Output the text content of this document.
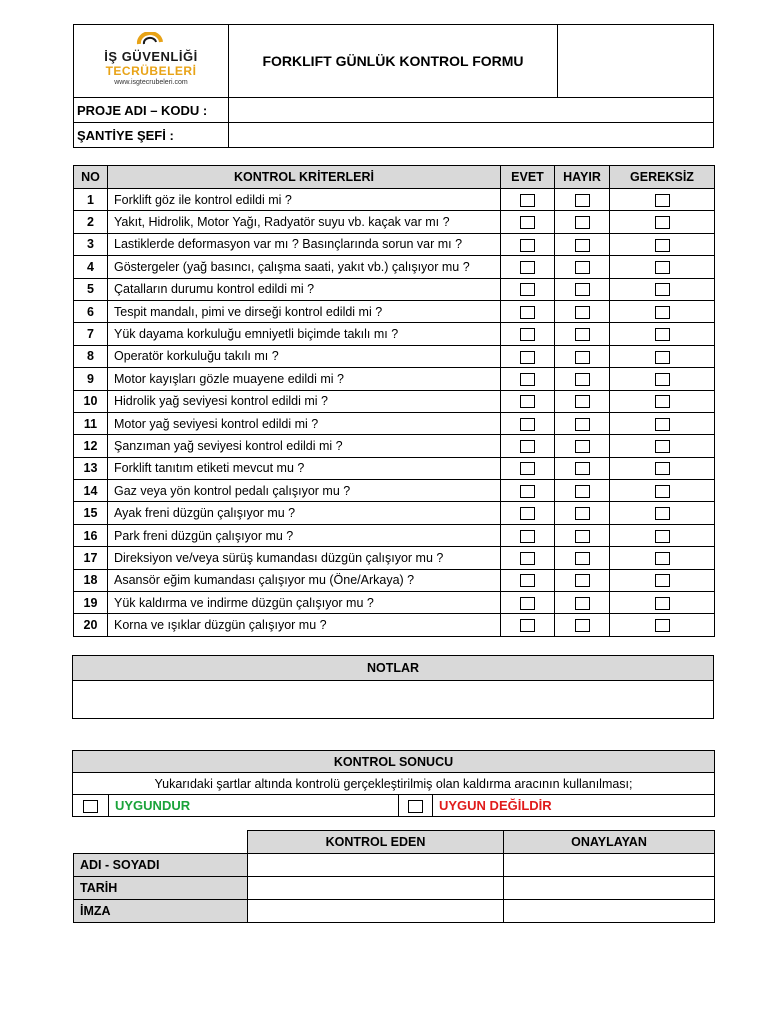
İŞ GÜVENLİĞİ
TECRÜBELERİ
www.isgtecrubeleri.com	FORKLIFT GÜNLÜK KONTROL FORMU	
PROJE ADI – KODU :		
ŞANTİYE ŞEFİ :		
NO	KONTROL KRİTERLERİ	EVET	HAYIR	GEREKSİZ
1	Forklift göz ile kontrol edildi mi ?			
2	Yakıt, Hidrolik, Motor Yağı, Radyatör suyu vb. kaçak var mı ?			
3	Lastiklerde deformasyon var mı ? Basınçlarında sorun var mı ?			
4	Göstergeler (yağ basıncı, çalışma saati, yakıt vb.) çalışıyor mu ?			
5	Çatalların durumu kontrol edildi mi ?			
6	Tespit mandalı, pimi ve dirseği kontrol edildi mi ?			
7	Yük dayama korkuluğu emniyetli biçimde takılı mı ?			
8	Operatör korkuluğu takılı mı ?			
9	Motor kayışları gözle muayene edildi mi ?			
10	Hidrolik yağ seviyesi kontrol edildi mi ?			
11	Motor yağ seviyesi kontrol edildi mi ?			
12	Şanzıman yağ seviyesi kontrol edildi mi ?			
13	Forklift tanıtım etiketi mevcut mu ?			
14	Gaz veya yön kontrol pedalı çalışıyor mu ?			
15	Ayak freni düzgün çalışıyor mu ?			
16	Park freni düzgün çalışıyor mu ?			
17	Direksiyon ve/veya sürüş kumandası düzgün çalışıyor mu ?			
18	Asansör eğim kumandası çalışıyor mu (Öne/Arkaya) ?			
19	Yük kaldırma ve indirme düzgün çalışıyor mu ?			
20	Korna ve ışıklar düzgün çalışıyor mu ?			
NOTLAR

KONTROL SONUCU
Yukarıdaki şartlar altında kontrolü gerçekleştirilmiş olan kaldırma aracının kullanılması;
	UYGUNDUR		UYGUN DEĞİLDİR
	KONTROL EDEN	ONAYLAYAN
ADI - SOYADI		
TARİH		
İMZA		
